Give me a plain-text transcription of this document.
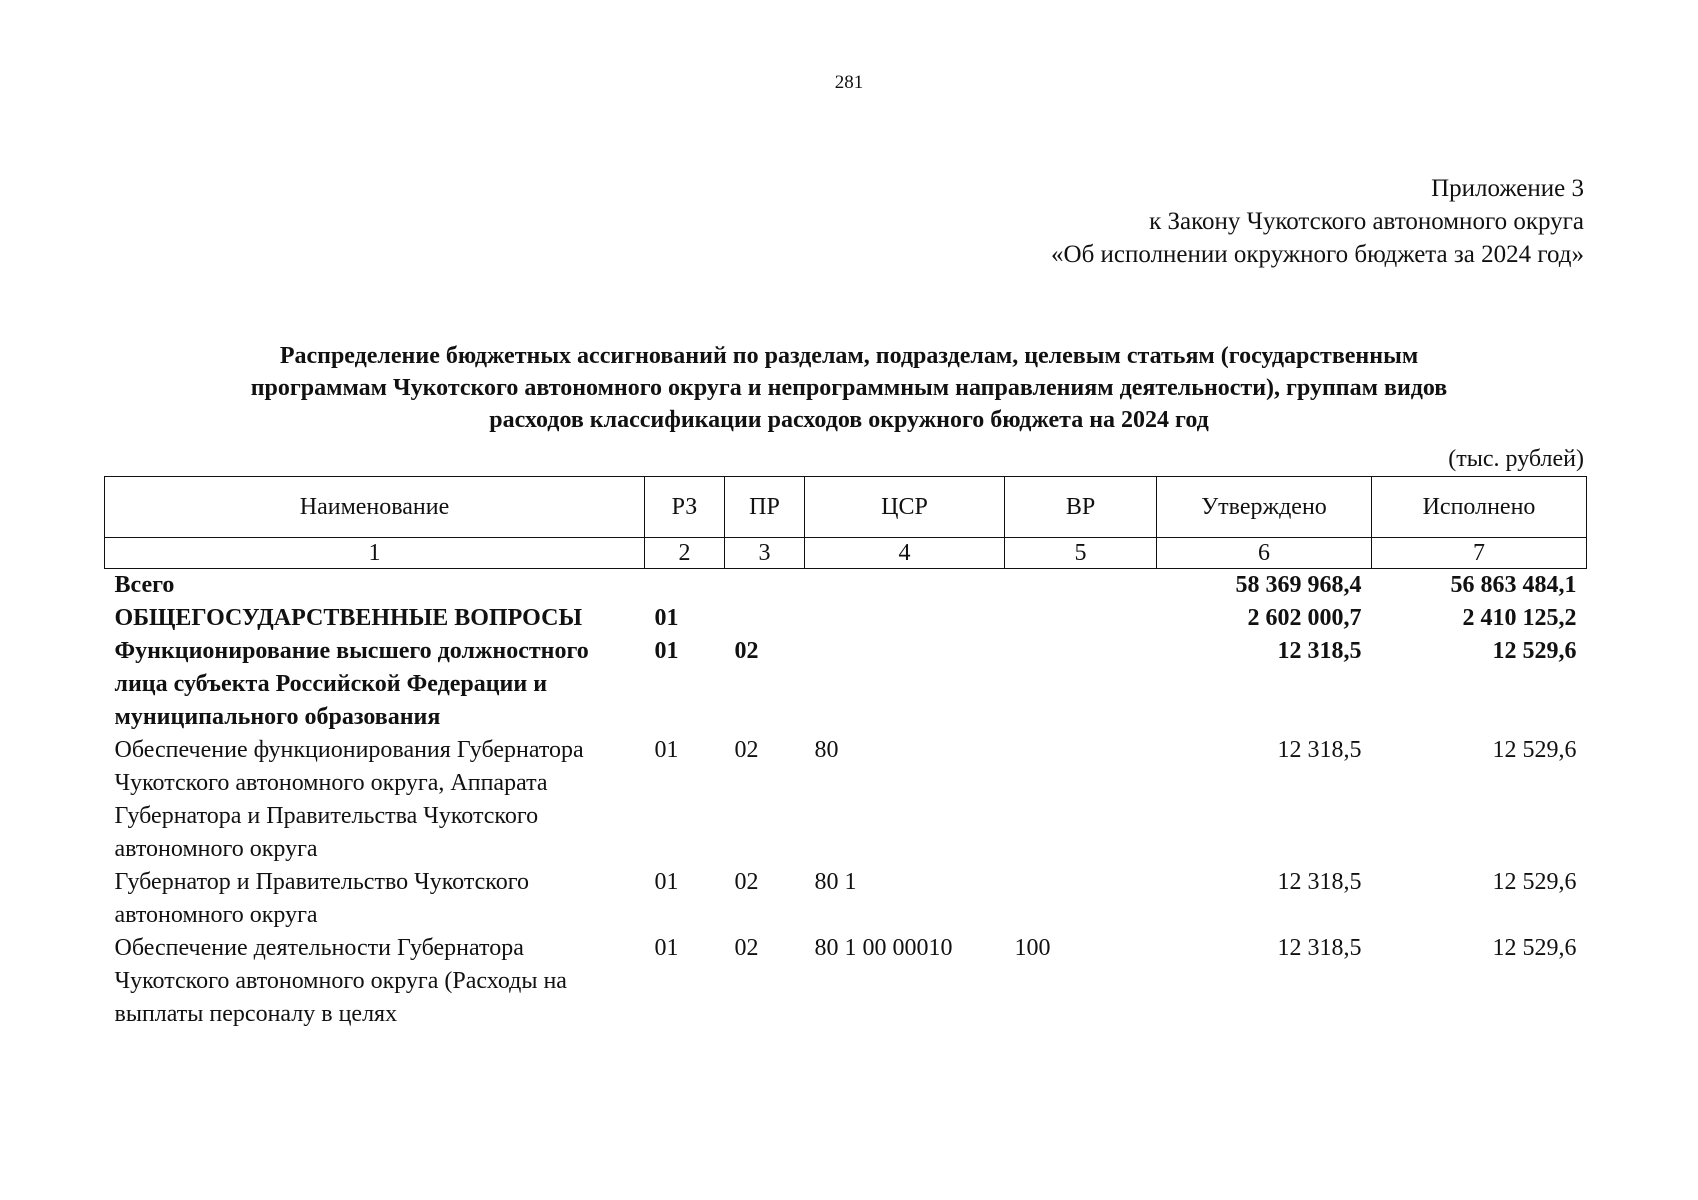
281
Приложение 3
к Закону Чукотского автономного округа
«Об исполнении окружного бюджета за 2024 год»
Распределение бюджетных ассигнований по разделам, подразделам, целевым статьям (государственным
программам Чукотского автономного округа и непрограммным направлениям деятельности), группам видов
расходов классификации расходов окружного бюджета на 2024 год
(тыс. рублей)
Наименование	РЗ	ПР	ЦСР	ВР	Утверждено	Исполнено
1	2	3	4	5	6	7
Всего					58 369 968,4	56 863 484,1
ОБЩЕГОСУДАРСТВЕННЫЕ ВОПРОСЫ	01				2 602 000,7	2 410 125,2
Функционирование высшего должностного лица субъекта Российской Федерации и муниципального образования	01	02			12 318,5	12 529,6
Обеспечение функционирования Губернатора Чукотского автономного округа, Аппарата Губернатора и Правительства Чукотского автономного округа	01	02	80		12 318,5	12 529,6
Губернатор и Правительство Чукотского автономного округа	01	02	80 1		12 318,5	12 529,6
Обеспечение деятельности Губернатора Чукотского автономного округа (Расходы на выплаты персоналу в целях	01	02	80 1 00 00010	100	12 318,5	12 529,6
